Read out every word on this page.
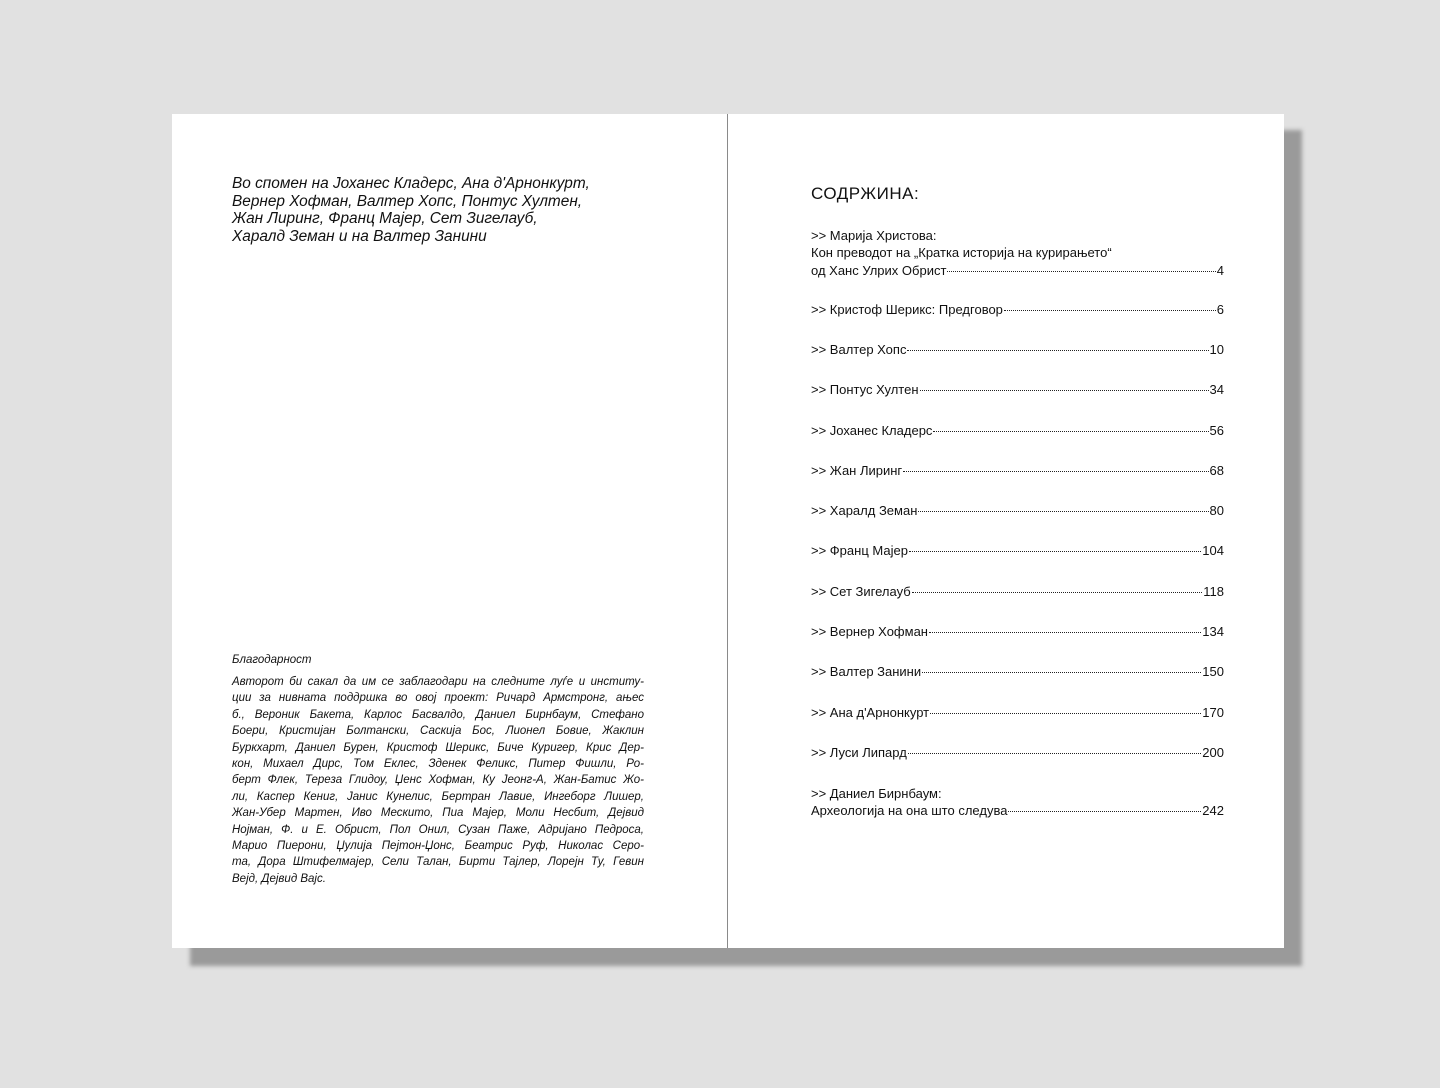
Во спомен на Јоханес Кладерс, Ана д'Арнонкурт,
Вернер Хофман, Валтер Хопс, Понтус Хултен,
Жан Лиринг, Франц Мајер, Сет Зигелауб,
Харалд Земан и на Валтер Занини
Благодарност
Авторот би сакал да им се заблагодари на следните луѓе и институ-
ции за нивната поддршка во овој проект: Ричард Армстронг, ањес
б., Вероник Бакета, Карлос Басвалдо, Даниел Бирнбаум, Стефано
Боери, Кристијан Болтански, Саскија Бос, Лионел Бовие, Жаклин
Буркхарт, Даниел Бурен, Кристоф Шерикс, Биче Куригер, Крис Дер-
кон, Михаел Дирс, Том Еклес, Зденек Феликс, Питер Фишли, Ро-
берт Флек, Тереза Глидоу, Џенс Хофман, Ку Јеонг-А, Жан-Батис Жо-
ли, Каспер Кениг, Јанис Кунелис, Бертран Лавие, Ингеборг Лишер,
Жан-Убер Мартен, Иво Мескито, Пиа Мајер, Моли Несбит, Дејвид
Нојман, Ф. и Е. Обрист, Пол Онил, Сузан Паже, Адријано Педроса,
Марио Пиерони, Џулија Пејтон-Џонс, Беатрис Руф, Николас Серо-
та, Дора Штифелмајер, Сели Талан, Бирти Тајлер, Лорејн Ту, Гевин
Вејд, Дејвид Вајс.
СОДРЖИНА:
>> Марија Христова:
Кон преводот на „Кратка историја на курирањето“
од Ханс Улрих Обрист	4
>> Кристоф Шерикс: Предговор	6
>> Валтер Хопс	10
>> Понтус Хултен	34
>> Јоханес Кладерс	56
>> Жан Лиринг	68
>> Харалд Земан	80
>> Франц Мајер	104
>> Сет Зигелауб	118
>> Вернер Хофман	134
>> Валтер Занини	150
>> Ана д'Арнонкурт	170
>> Луси Липард	200
>> Даниел Бирнбаум:
Археологија на она што следува	242
